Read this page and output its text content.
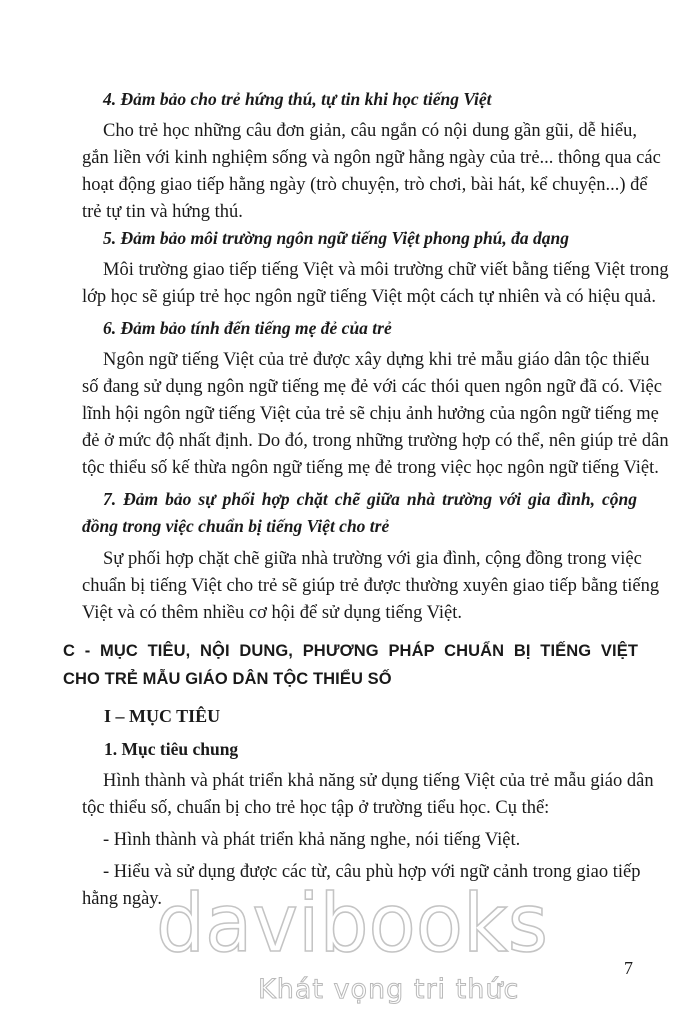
4. Đảm bảo cho trẻ hứng thú, tự tin khi học tiếng Việt
Cho trẻ học những câu đơn giản, câu ngắn có nội dung gần gũi, dễ hiểu,
gắn liền với kinh nghiệm sống và ngôn ngữ hằng ngày của trẻ... thông qua các
hoạt động giao tiếp hằng ngày (trò chuyện, trò chơi, bài hát, kể chuyện...) để
trẻ tự tin và hứng thú.
5. Đảm bảo môi trường ngôn ngữ tiếng Việt phong phú, đa dạng
Môi trường giao tiếp tiếng Việt và môi trường chữ viết bằng tiếng Việt trong
lớp học sẽ giúp trẻ học ngôn ngữ tiếng Việt một cách tự nhiên và có hiệu quả.
6. Đảm bảo tính đến tiếng mẹ đẻ của trẻ
Ngôn ngữ tiếng Việt của trẻ được xây dựng khi trẻ mẫu giáo dân tộc thiểu
số đang sử dụng ngôn ngữ tiếng mẹ đẻ với các thói quen ngôn ngữ đã có. Việc
lĩnh hội ngôn ngữ tiếng Việt của trẻ sẽ chịu ảnh hưởng của ngôn ngữ tiếng mẹ
đẻ ở mức độ nhất định. Do đó, trong những trường hợp có thể, nên giúp trẻ dân
tộc thiểu số kế thừa ngôn ngữ tiếng mẹ đẻ trong việc học ngôn ngữ tiếng Việt.
7. Đảm bảo sự phối hợp chặt chẽ giữa nhà trường với gia đình, cộng
đồng trong việc chuẩn bị tiếng Việt cho trẻ
Sự phối hợp chặt chẽ giữa nhà trường với gia đình, cộng đồng trong việc
chuẩn bị tiếng Việt cho trẻ sẽ giúp trẻ được thường xuyên giao tiếp bằng tiếng
Việt và có thêm nhiều cơ hội để sử dụng tiếng Việt.
C - MỤC TIÊU, NỘI DUNG, PHƯƠNG PHÁP CHUẨN BỊ TIẾNG VIỆT
CHO TRẺ MẪU GIÁO DÂN TỘC THIỂU SỐ
I – MỤC TIÊU
1. Mục tiêu chung
Hình thành và phát triển khả năng sử dụng tiếng Việt của trẻ mẫu giáo dân
tộc thiểu số, chuẩn bị cho trẻ học tập ở trường tiểu học. Cụ thể:
- Hình thành và phát triển khả năng nghe, nói tiếng Việt.
- Hiểu và sử dụng được các từ, câu phù hợp với ngữ cảnh trong giao tiếp
hằng ngày.
davibooks
Khát vọng tri thức
7
